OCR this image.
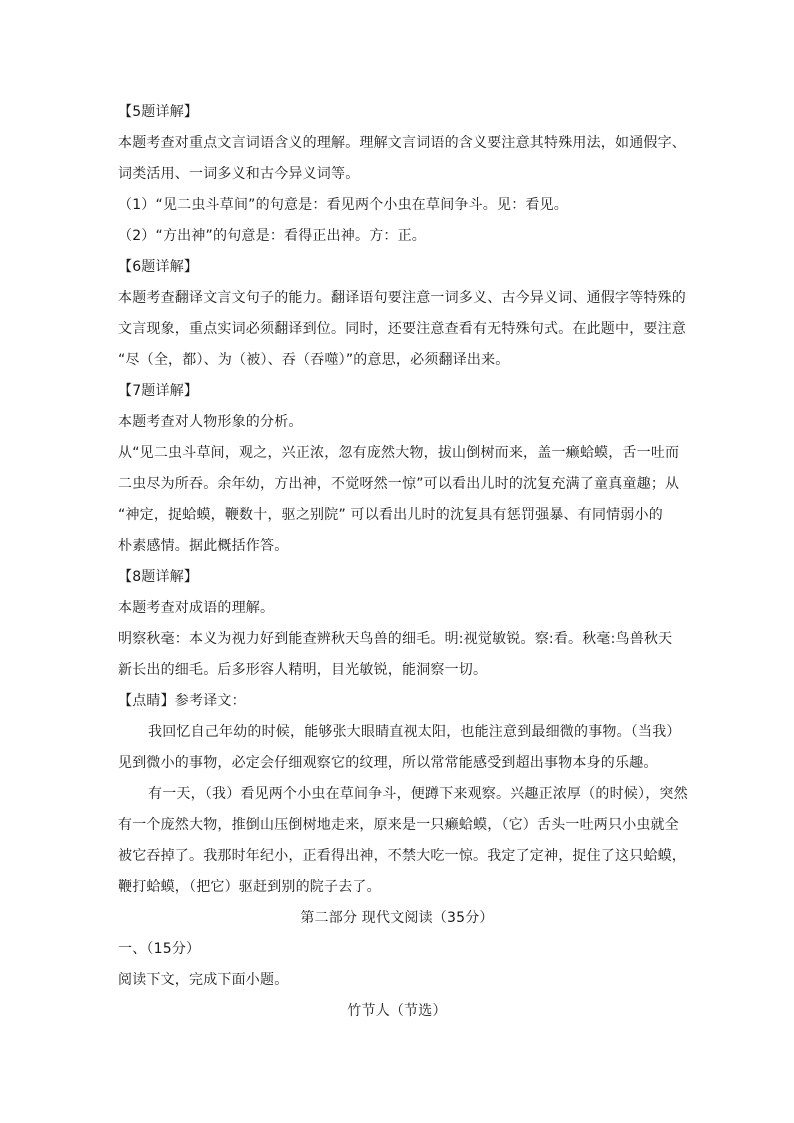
【5题详解】
本题考查对重点文言词语含义的理解。理解文言词语的含义要注意其特殊用法，如通假字、
词类活用、一词多义和古今异义词等。
（1）“见二虫斗草间”的句意是：看见两个小虫在草间争斗。见：看见。
（2）“方出神”的句意是：看得正出神。方：正。
【6题详解】
本题考查翻译文言文句子的能力。翻译语句要注意一词多义、古今异义词、通假字等特殊的
文言现象，重点实词必须翻译到位。同时，还要注意查看有无特殊句式。在此题中，要注意
“尽（全，都）、为（被）、吞（吞噬）”的意思，必须翻译出来。
【7题详解】
本题考查对人物形象的分析。
从“见二虫斗草间，观之，兴正浓，忽有庞然大物，拔山倒树而来，盖一癞蛤蟆，舌一吐而
二虫尽为所吞。余年幼，方出神，不觉呀然一惊”可以看出儿时的沈复充满了童真童趣；从
“神定，捉蛤蟆，鞭数十，驱之别院” 可以看出儿时的沈复具有惩罚强暴、有同情弱小的
朴素感情。据此概括作答。
【8题详解】
本题考查对成语的理解。
明察秋毫：本义为视力好到能查辨秋天鸟兽的细毛。明:视觉敏锐。察:看。秋毫:鸟兽秋天
新长出的细毛。后多形容人精明，目光敏锐，能洞察一切。
【点睛】参考译文：
我回忆自己年幼的时候，能够张大眼睛直视太阳，也能注意到最细微的事物。（当我）
见到微小的事物，必定会仔细观察它的纹理，所以常常能感受到超出事物本身的乐趣。
有一天，（我）看见两个小虫在草间争斗，便蹲下来观察。兴趣正浓厚（的时候），突然
有一个庞然大物，推倒山压倒树地走来，原来是一只癞蛤蟆，（它）舌头一吐两只小虫就全
被它吞掉了。我那时年纪小，正看得出神，不禁大吃一惊。我定了定神，捉住了这只蛤蟆，
鞭打蛤蟆，（把它）驱赶到别的院子去了。
第二部分 现代文阅读（35分）
一、（15分）
阅读下文，完成下面小题。
竹节人（节选）
